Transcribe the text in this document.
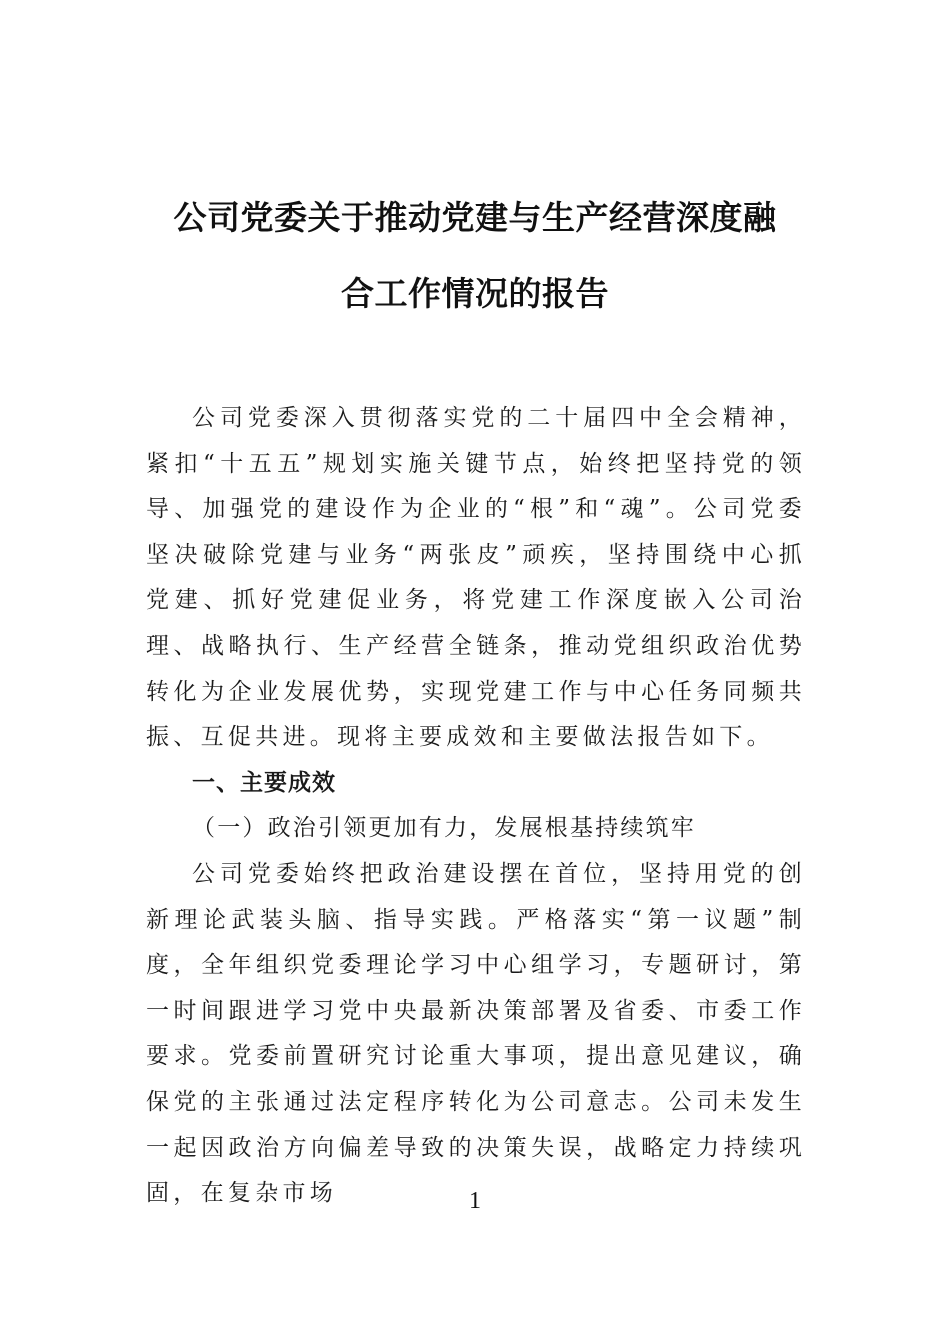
公司党委关于推动党建与生产经营深度融
合工作情况的报告

公司党委深入贯彻落实党的二十届四中全会精神，紧扣“十五五”规划实施关键节点，始终把坚持党的领导、加强党的建设作为企业的“根”和“魂”。公司党委坚决破除党建与业务“两张皮”顽疾，坚持围绕中心抓党建、抓好党建促业务，将党建工作深度嵌入公司治理、战略执行、生产经营全链条，推动党组织政治优势转化为企业发展优势，实现党建工作与中心任务同频共振、互促共进。现将主要成效和主要做法报告如下。

一、主要成效

（一）政治引领更加有力，发展根基持续筑牢

公司党委始终把政治建设摆在首位，坚持用党的创新理论武装头脑、指导实践。严格落实“第一议题”制度，全年组织党委理论学习中心组学习，专题研讨，第一时间跟进学习党中央最新决策部署及省委、市委工作要求。党委前置研究讨论重大事项，提出意见建议，确保党的主张通过法定程序转化为公司意志。公司未发生一起因政治方向偏差导致的决策失误，战略定力持续巩固，在复杂市场	1
